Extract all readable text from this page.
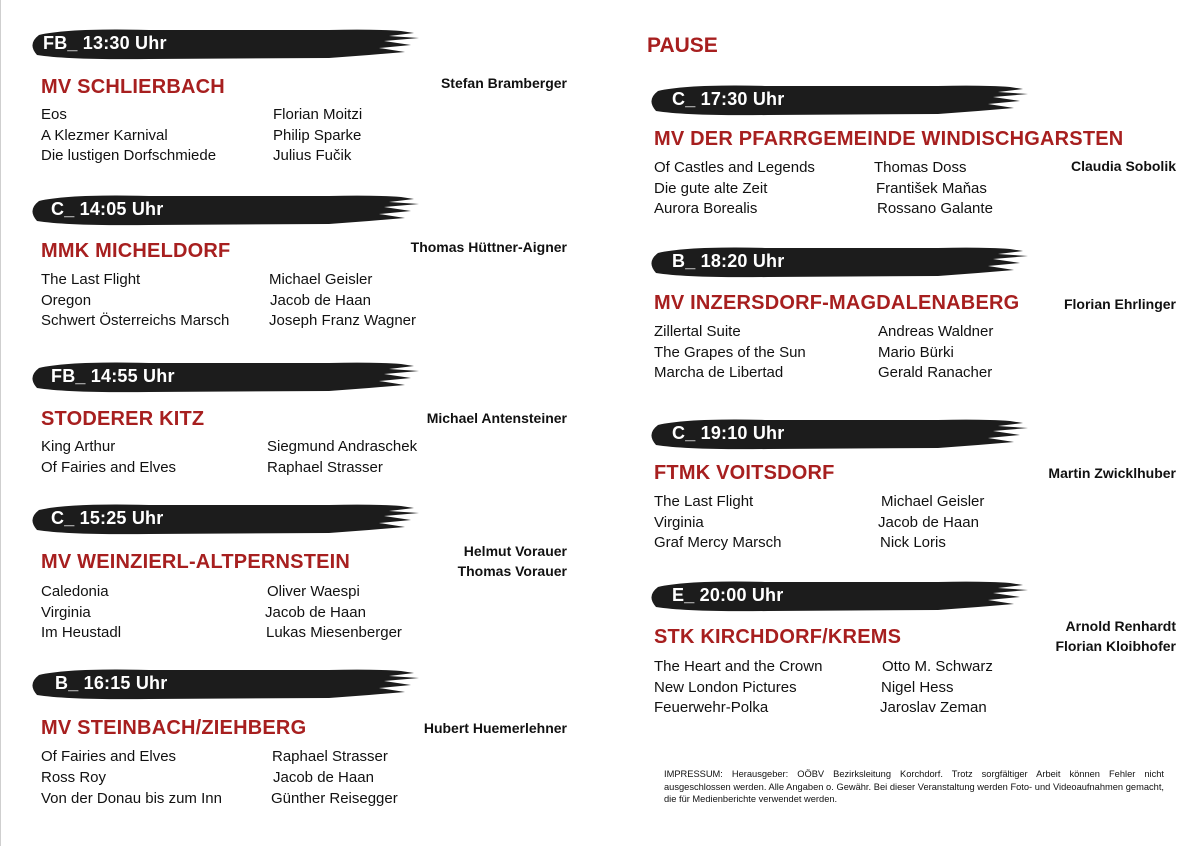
FB_ 13:30 Uhr
MV SCHLIERBACH	Stefan Bramberger
Eos	Florian Moitzi
A Klezmer Karnival	Philip Sparke
Die lustigen Dorfschmiede	Julius Fučik
C_ 14:05 Uhr
MMK MICHELDORF	Thomas Hüttner-Aigner
The Last Flight	Michael Geisler
Oregon	Jacob de Haan
Schwert Österreichs Marsch	Joseph Franz Wagner
FB_ 14:55 Uhr
STODERER KITZ	Michael Antensteiner
King Arthur	Siegmund Andraschek
Of Fairies and Elves	Raphael Strasser
C_ 15:25 Uhr
MV WEINZIERL-ALTPERNSTEIN	Helmut Vorauer
Thomas Vorauer
Caledonia	Oliver Waespi
Virginia	Jacob de Haan
Im Heustadl	Lukas Miesenberger
B_ 16:15 Uhr
MV STEINBACH/ZIEHBERG	Hubert Huemerlehner
Of Fairies and Elves	Raphael Strasser
Ross Roy	Jacob de Haan
Von der Donau bis zum Inn	Günther Reisegger
PAUSE
C_ 17:30 Uhr
MV DER PFARRGEMEINDE WINDISCHGARSTEN
Claudia Sobolik
Of Castles and Legends	Thomas Doss
Die gute alte Zeit	František Maňas
Aurora Borealis	Rossano Galante
B_ 18:20 Uhr
MV INZERSDORF-MAGDALENABERG	Florian Ehrlinger
Zillertal Suite	Andreas Waldner
The Grapes of the Sun	Mario Bürki
Marcha de Libertad	Gerald Ranacher
C_ 19:10 Uhr
FTMK VOITSDORF	Martin Zwicklhuber
The Last Flight	Michael Geisler
Virginia	Jacob de Haan
Graf Mercy Marsch	Nick Loris
E_ 20:00 Uhr
STK KIRCHDORF/KREMS	Arnold Renhardt
Florian Kloibhofer
The Heart and the Crown	Otto M. Schwarz
New London Pictures	Nigel Hess
Feuerwehr-Polka	Jaroslav Zeman
IMPRESSUM: Herausgeber: OÖBV Bezirksleitung Korchdorf. Trotz sorgfältiger Arbeit können Fehler nicht ausgeschlossen werden. Alle Angaben o. Gewähr. Bei dieser Veranstaltung werden Foto- und Videoaufnahmen gemacht, die für Medienberichte verwendet werden.
